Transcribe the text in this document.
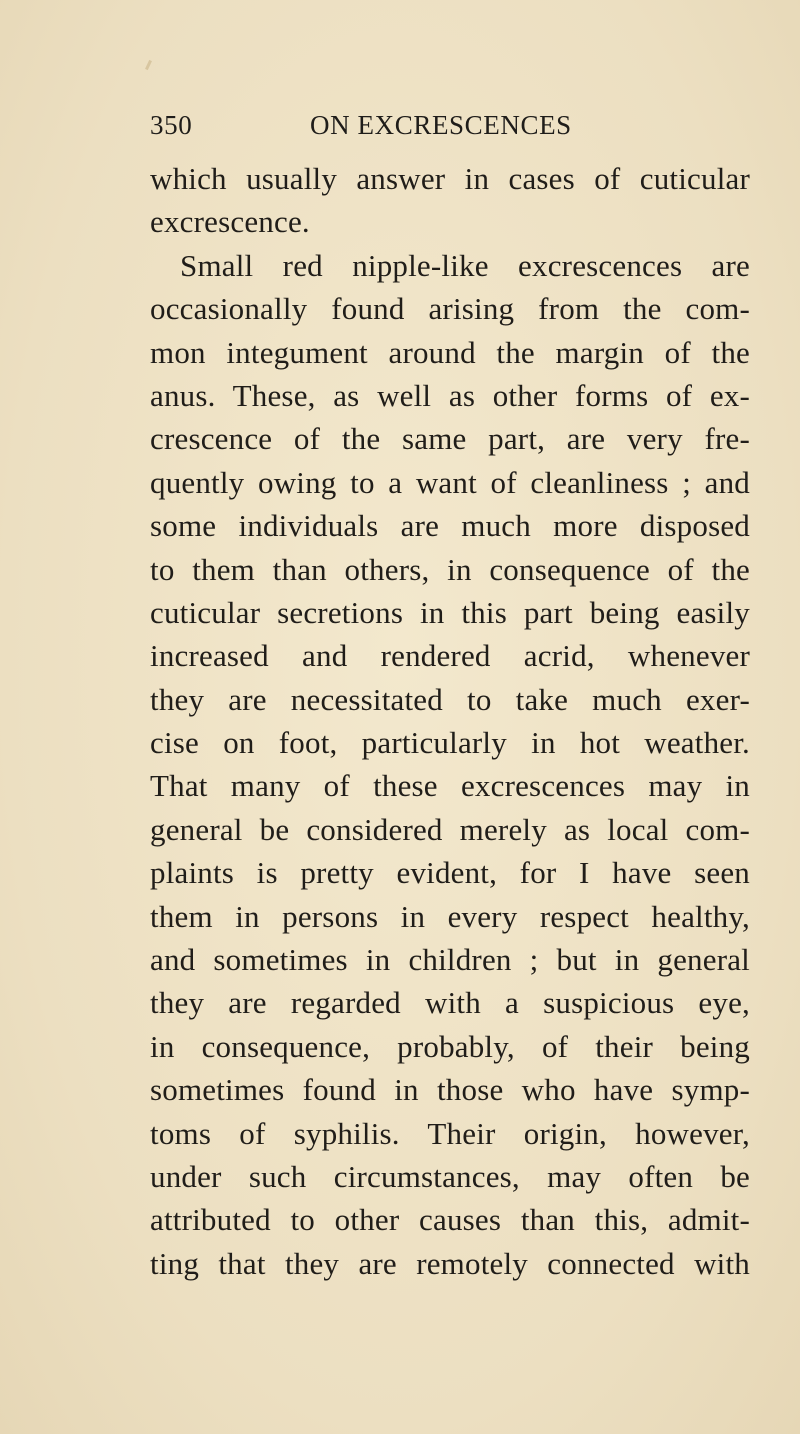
350	ON EXCRESCENCES
which usually answer in cases of cuticular
excrescence.
Small red nipple-like excrescences are
occasionally found arising from the com-
mon integument around the margin of the
anus. These, as well as other forms of ex-
crescence of the same part, are very fre-
quently owing to a want of cleanliness ; and
some individuals are much more disposed
to them than others, in consequence of the
cuticular secretions in this part being easily
increased and rendered acrid, whenever
they are necessitated to take much exer-
cise on foot, particularly in hot weather.
That many of these excrescences may in
general be considered merely as local com-
plaints is pretty evident, for I have seen
them in persons in every respect healthy,
and sometimes in children ; but in general
they are regarded with a suspicious eye,
in consequence, probably, of their being
sometimes found in those who have symp-
toms of syphilis. Their origin, however,
under such circumstances, may often be
attributed to other causes than this, admit-
ting that they are remotely connected with
